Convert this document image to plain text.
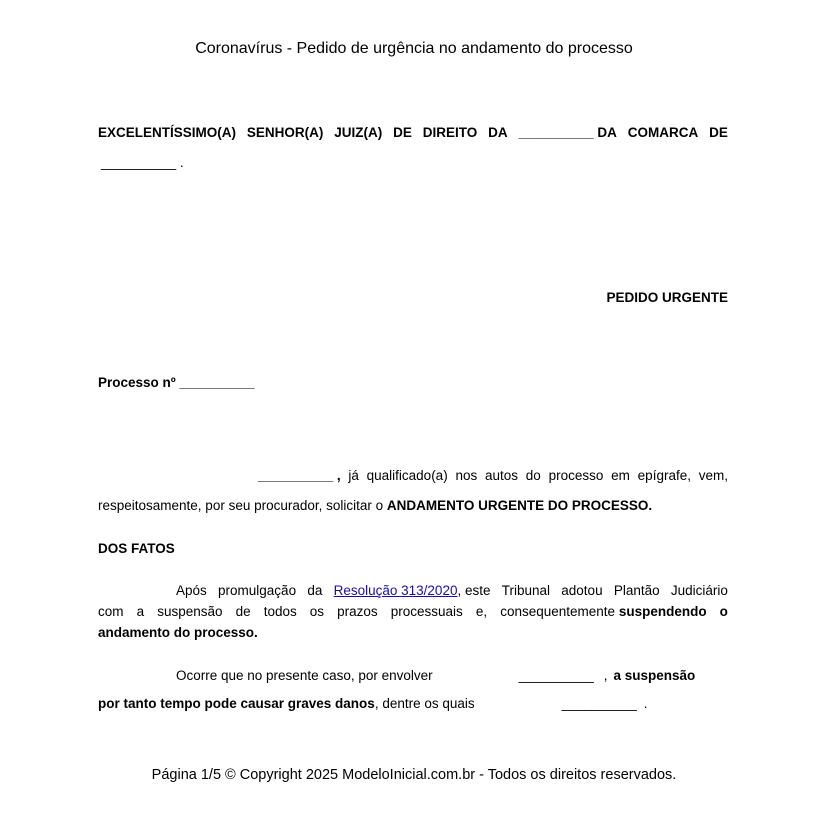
Coronavírus - Pedido de urgência no andamento do processo
EXCELENTÍSSIMO(A) SENHOR(A) JUIZ(A) DE DIREITO DA __________ DA COMARCA DE
__________ .
PEDIDO URGENTE
Processo nº __________
__________ , já qualificado(a) nos autos do processo em epígrafe, vem,
respeitosamente, por seu procurador, solicitar o ANDAMENTO URGENTE DO PROCESSO.
DOS FATOS
Após promulgação da Resolução 313/2020, este Tribunal adotou Plantão Judiciário
com a suspensão de todos os prazos processuais e, consequentemente suspendendo o
andamento do processo.
Ocorre que no presente caso, por envolver	__________ , a suspensão
por tanto tempo pode causar graves danos, dentre os quais	__________ .
Página 1/5 © Copyright 2025 ModeloInicial.com.br - Todos os direitos reservados.
